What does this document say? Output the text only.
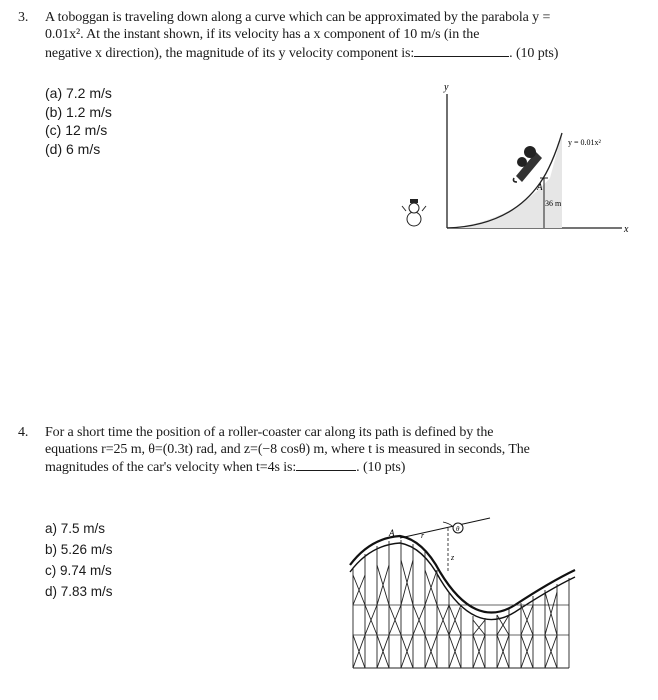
3. A toboggan is traveling down along a curve which can be approximated by the parabola y =
0.01x². At the instant shown, if its velocity has a x component of 10 m/s (in the
negative x direction), the magnitude of its y velocity component is:	. (10 pts)
(a) 7.2 m/s
(b) 1.2 m/s
(c) 12 m/s
(d) 6 m/s
y
x
A
36 m
y = 0.01x²
4. For a short time the position of a roller-coaster car along its path is defined by the
equations r=25 m, θ=(0.3t) rad, and z=(−8 cosθ) m, where t is measured in seconds, The
magnitudes of the car's velocity when t=4s is:	. (10 pts)
a) 7.5 m/s
b) 5.26 m/s
c) 9.74 m/s
d) 7.83 m/s
θ
A	r
z
